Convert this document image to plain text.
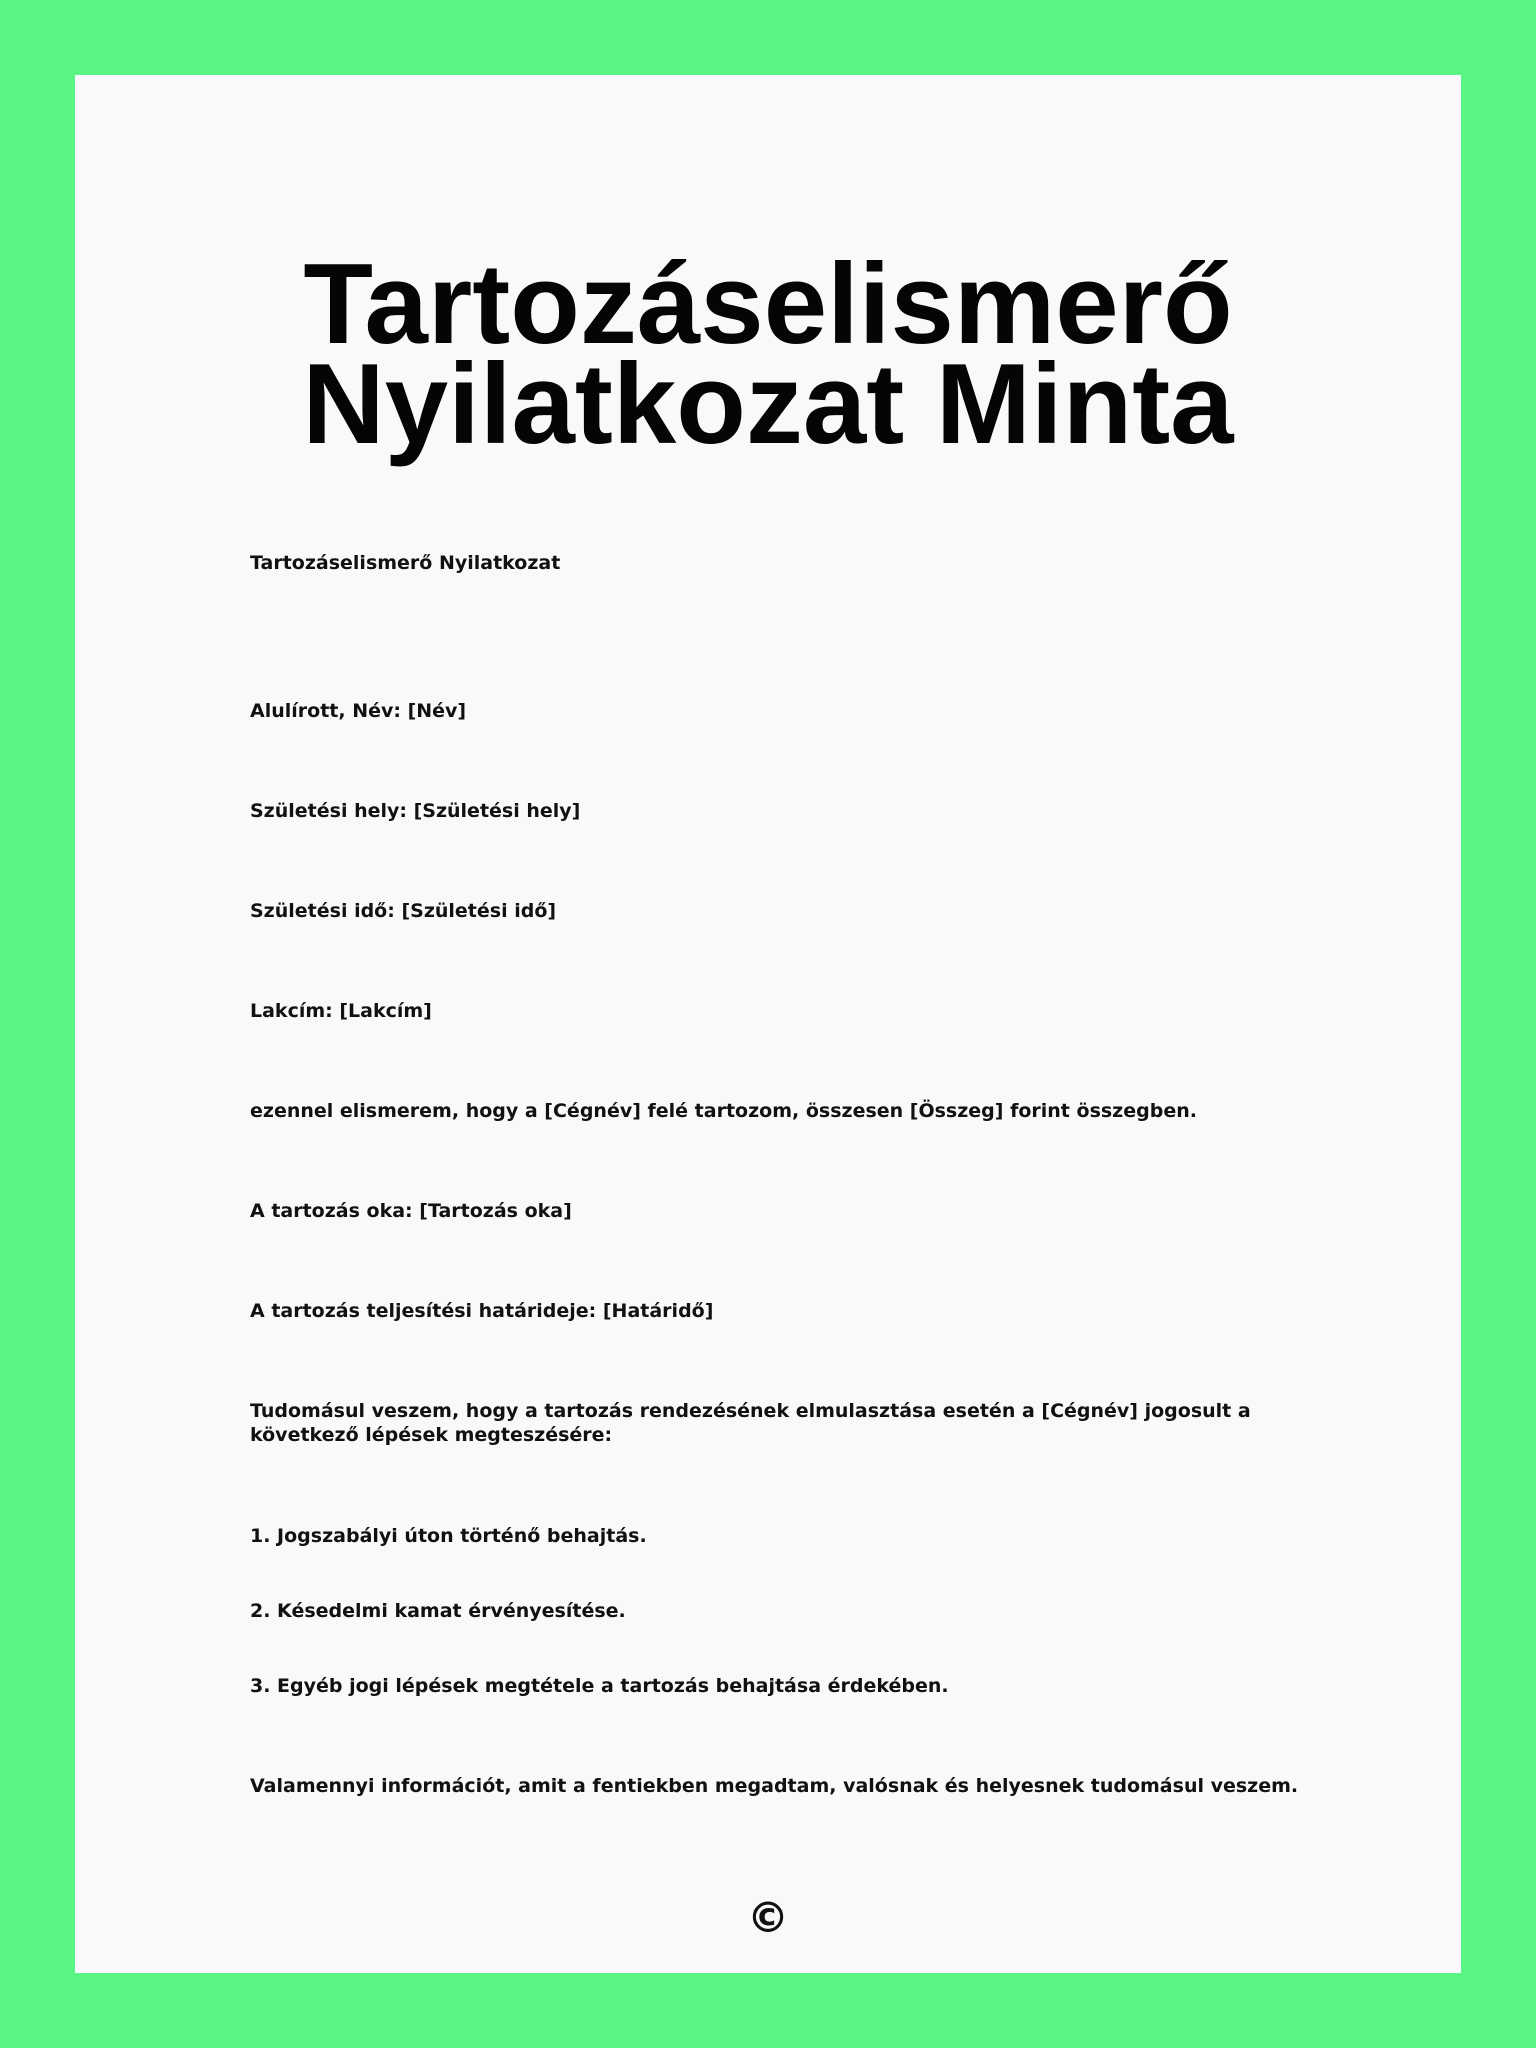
Tartozáselismerő Nyilatkozat Minta

Tartozáselismerő Nyilatkozat

Alulírott, Név: [Név]

Születési hely: [Születési hely]

Születési idő: [Születési idő]

Lakcím: [Lakcím]

ezennel elismerem, hogy a [Cégnév] felé tartozom, összesen [Összeg] forint összegben.

A tartozás oka: [Tartozás oka]

A tartozás teljesítési határideje: [Határidő]

Tudomásul veszem, hogy a tartozás rendezésének elmulasztása esetén a [Cégnév] jogosult a következő lépések megteszésére:

1. Jogszabályi úton történő behajtás.

2. Késedelmi kamat érvényesítése.

3. Egyéb jogi lépések megtétele a tartozás behajtása érdekében.

Valamennyi információt, amit a fentiekben megadtam, valósnak és helyesnek tudomásul veszem.

©
